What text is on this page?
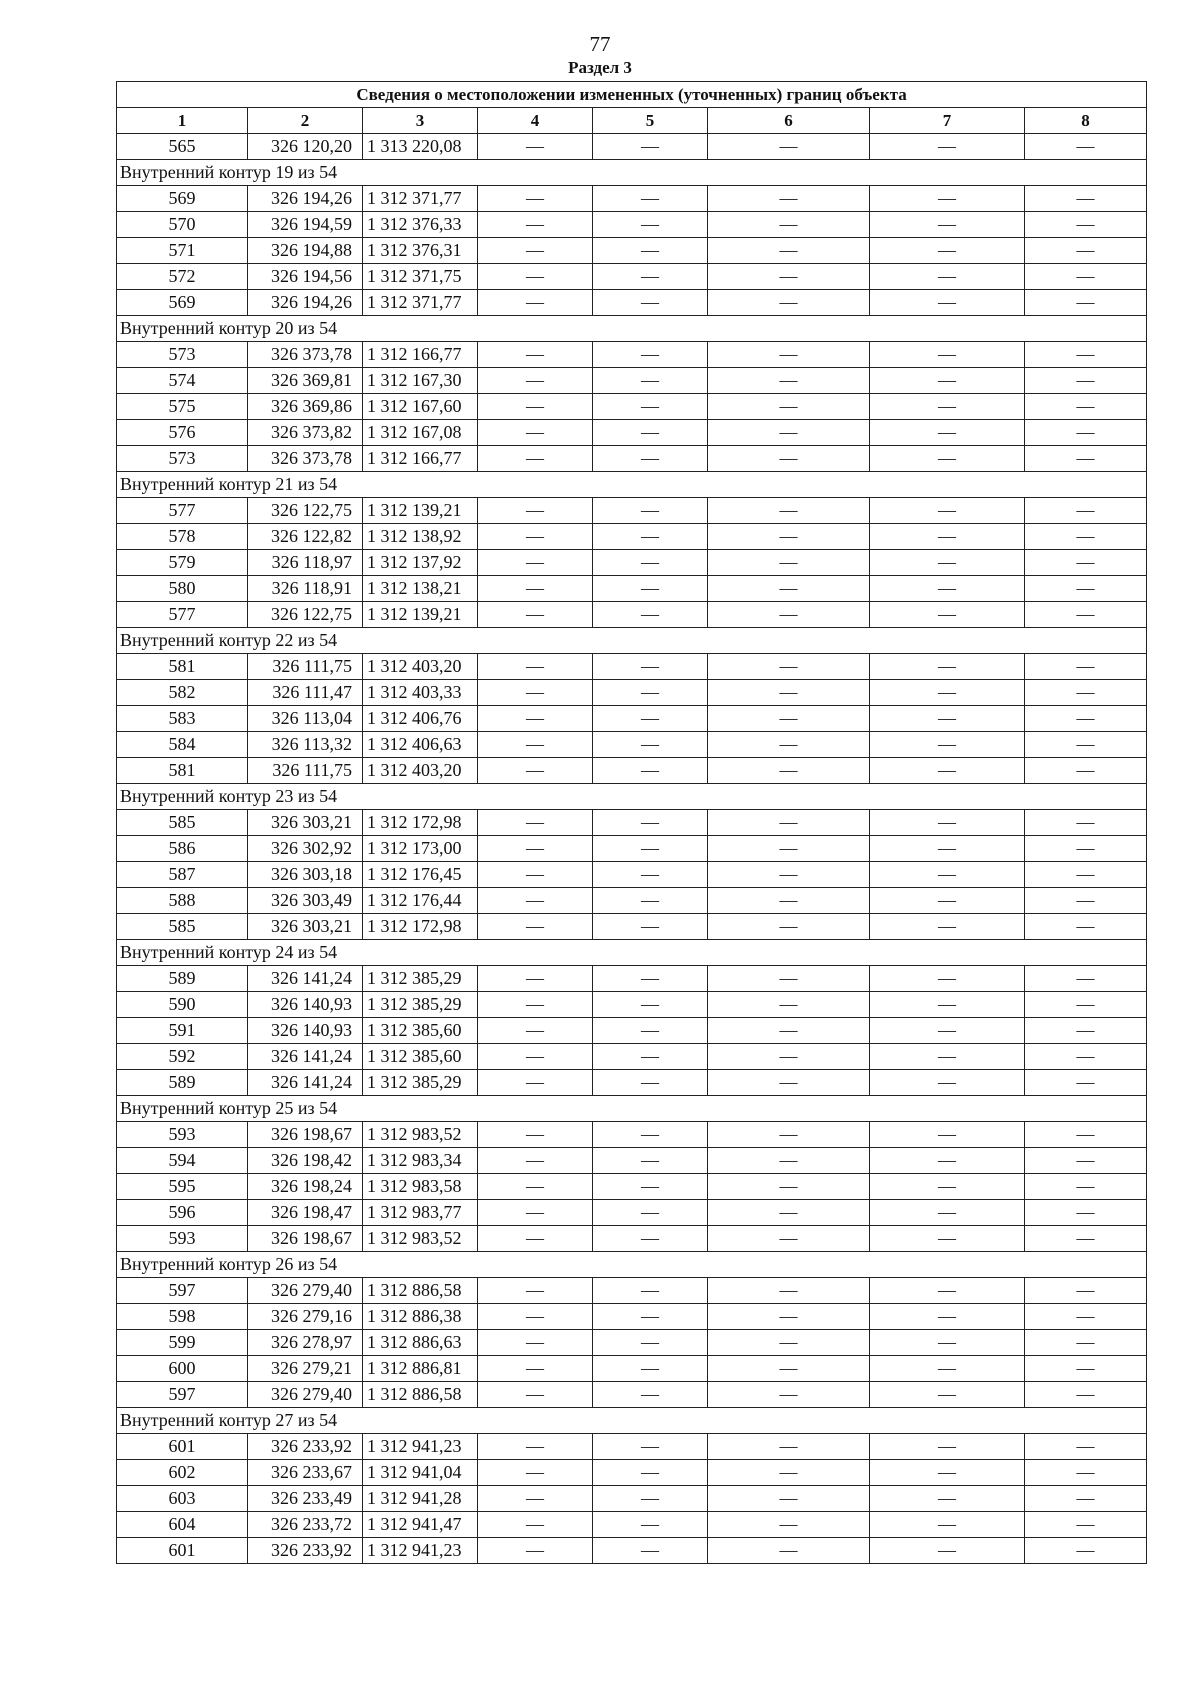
77
Раздел 3
Сведения о местоположении измененных (уточненных) границ объекта							
1	2	3	4	5	6	7	8
565	326 120,20	1 313 220,08	—	—	—	—	—
Внутренний контур 19 из 54							
569	326 194,26	1 312 371,77	—	—	—	—	—
570	326 194,59	1 312 376,33	—	—	—	—	—
571	326 194,88	1 312 376,31	—	—	—	—	—
572	326 194,56	1 312 371,75	—	—	—	—	—
569	326 194,26	1 312 371,77	—	—	—	—	—
Внутренний контур 20 из 54							
573	326 373,78	1 312 166,77	—	—	—	—	—
574	326 369,81	1 312 167,30	—	—	—	—	—
575	326 369,86	1 312 167,60	—	—	—	—	—
576	326 373,82	1 312 167,08	—	—	—	—	—
573	326 373,78	1 312 166,77	—	—	—	—	—
Внутренний контур 21 из 54							
577	326 122,75	1 312 139,21	—	—	—	—	—
578	326 122,82	1 312 138,92	—	—	—	—	—
579	326 118,97	1 312 137,92	—	—	—	—	—
580	326 118,91	1 312 138,21	—	—	—	—	—
577	326 122,75	1 312 139,21	—	—	—	—	—
Внутренний контур 22 из 54							
581	326 111,75	1 312 403,20	—	—	—	—	—
582	326 111,47	1 312 403,33	—	—	—	—	—
583	326 113,04	1 312 406,76	—	—	—	—	—
584	326 113,32	1 312 406,63	—	—	—	—	—
581	326 111,75	1 312 403,20	—	—	—	—	—
Внутренний контур 23 из 54							
585	326 303,21	1 312 172,98	—	—	—	—	—
586	326 302,92	1 312 173,00	—	—	—	—	—
587	326 303,18	1 312 176,45	—	—	—	—	—
588	326 303,49	1 312 176,44	—	—	—	—	—
585	326 303,21	1 312 172,98	—	—	—	—	—
Внутренний контур 24 из 54							
589	326 141,24	1 312 385,29	—	—	—	—	—
590	326 140,93	1 312 385,29	—	—	—	—	—
591	326 140,93	1 312 385,60	—	—	—	—	—
592	326 141,24	1 312 385,60	—	—	—	—	—
589	326 141,24	1 312 385,29	—	—	—	—	—
Внутренний контур 25 из 54							
593	326 198,67	1 312 983,52	—	—	—	—	—
594	326 198,42	1 312 983,34	—	—	—	—	—
595	326 198,24	1 312 983,58	—	—	—	—	—
596	326 198,47	1 312 983,77	—	—	—	—	—
593	326 198,67	1 312 983,52	—	—	—	—	—
Внутренний контур 26 из 54							
597	326 279,40	1 312 886,58	—	—	—	—	—
598	326 279,16	1 312 886,38	—	—	—	—	—
599	326 278,97	1 312 886,63	—	—	—	—	—
600	326 279,21	1 312 886,81	—	—	—	—	—
597	326 279,40	1 312 886,58	—	—	—	—	—
Внутренний контур 27 из 54							
601	326 233,92	1 312 941,23	—	—	—	—	—
602	326 233,67	1 312 941,04	—	—	—	—	—
603	326 233,49	1 312 941,28	—	—	—	—	—
604	326 233,72	1 312 941,47	—	—	—	—	—
601	326 233,92	1 312 941,23	—	—	—	—	—
